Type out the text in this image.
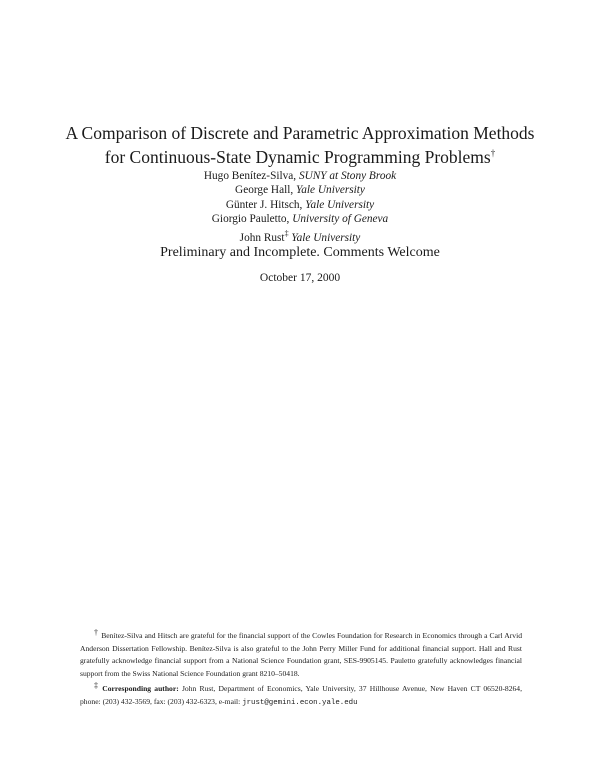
A Comparison of Discrete and Parametric Approximation Methods
for Continuous-State Dynamic Programming Problems†
Hugo Benítez-Silva, SUNY at Stony Brook
George Hall, Yale University
Günter J. Hitsch, Yale University
Giorgio Pauletto, University of Geneva
John Rust‡ Yale University
Preliminary and Incomplete. Comments Welcome
October 17, 2000

† Benítez-Silva and Hitsch are grateful for the financial support of the Cowles Foundation for Research in Economics through a Carl Arvid Anderson Dissertation Fellowship. Benítez-Silva is also grateful to the John Perry Miller Fund for additional financial support. Hall and Rust gratefully acknowledge financial support from a National Science Foundation grant, SES-9905145. Pauletto gratefully acknowledges financial support from the Swiss National Science Foundation grant 8210–50418.

‡ Corresponding author: John Rust, Department of Economics, Yale University, 37 Hillhouse Avenue, New Haven CT 06520-8264, phone: (203) 432-3569, fax: (203) 432-6323, e-mail: jrust@gemini.econ.yale.edu
